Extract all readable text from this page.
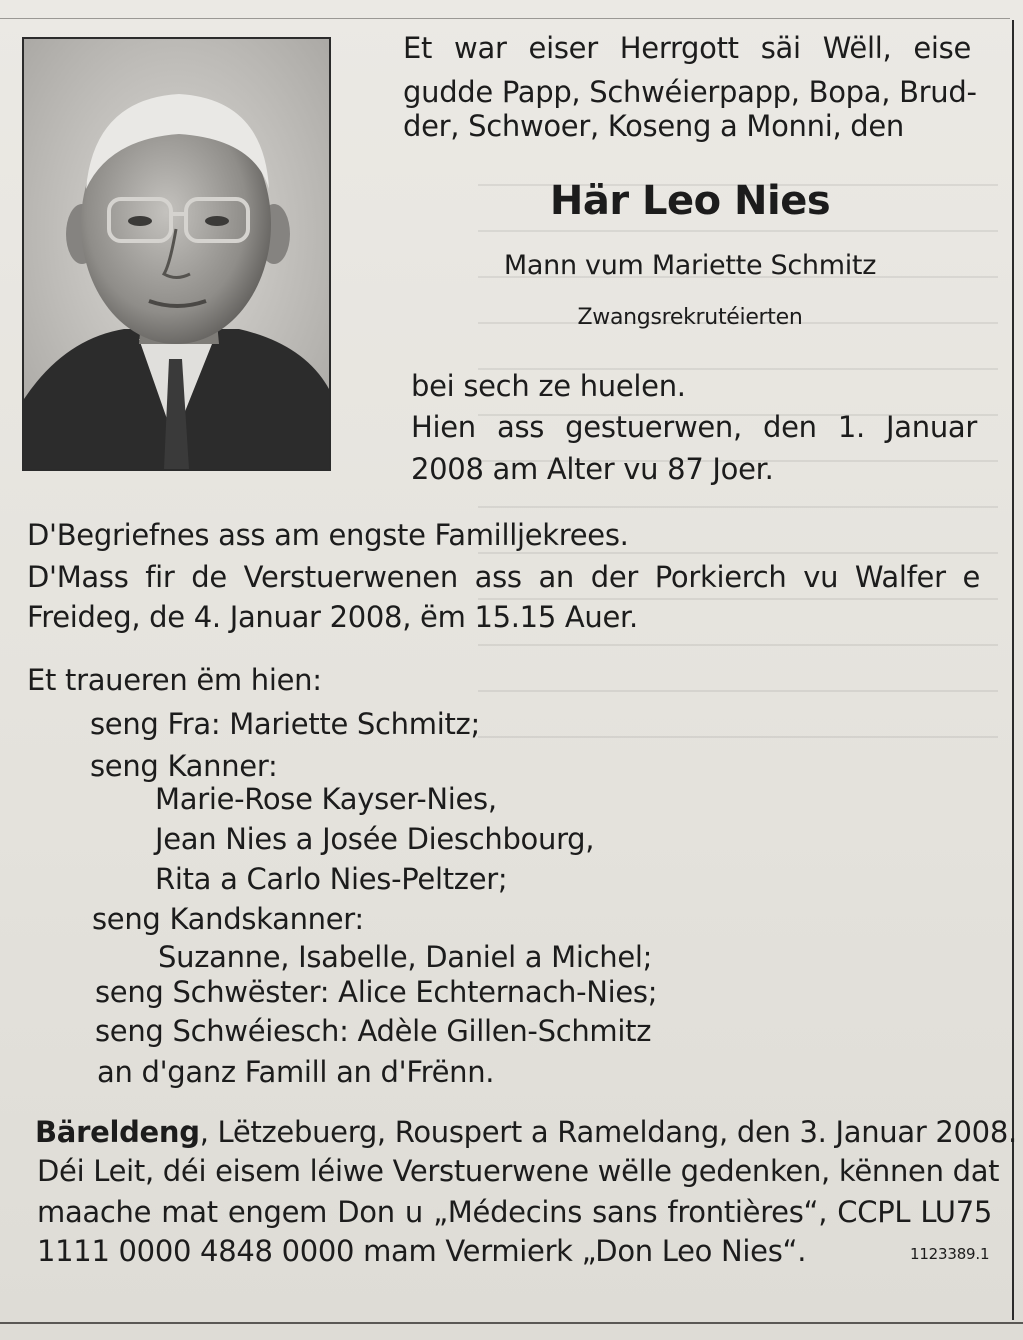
Et war eiser Herrgott säi Wëll, eise
gudde Papp, Schwéierpapp, Bopa, Brud-
der, Schwoer, Koseng a Monni, den
Här Leo Nies
Mann vum Mariette Schmitz
Zwangsrekrutéierten
bei sech ze huelen.
Hien ass gestuerwen, den 1. Januar
2008 am Alter vu 87 Joer.
D'Begriefnes ass am engste Familljekrees.
D'Mass fir de Verstuerwenen ass an der Porkierch vu Walfer e
Freideg, de 4. Januar 2008, ëm 15.15 Auer.
Et traueren ëm hien:
seng Fra: Mariette Schmitz;
seng Kanner:
Marie-Rose Kayser-Nies,
Jean Nies a Josée Dieschbourg,
Rita a Carlo Nies-Peltzer;
seng Kandskanner:
Suzanne, Isabelle, Daniel a Michel;
seng Schwëster: Alice Echternach-Nies;
seng Schwéiesch: Adèle Gillen-Schmitz
an d'ganz Famill an d'Frënn.
Bäreldeng, Lëtzebuerg, Rouspert a Rameldang, den 3. Januar 2008.
Déi Leit, déi eisem léiwe Verstuerwene wëlle gedenken, kënnen dat
maache mat engem Don u „Médecins sans frontières“, CCPL LU75
1111 0000 4848 0000 mam Vermierk „Don Leo Nies“.	1123389.1
